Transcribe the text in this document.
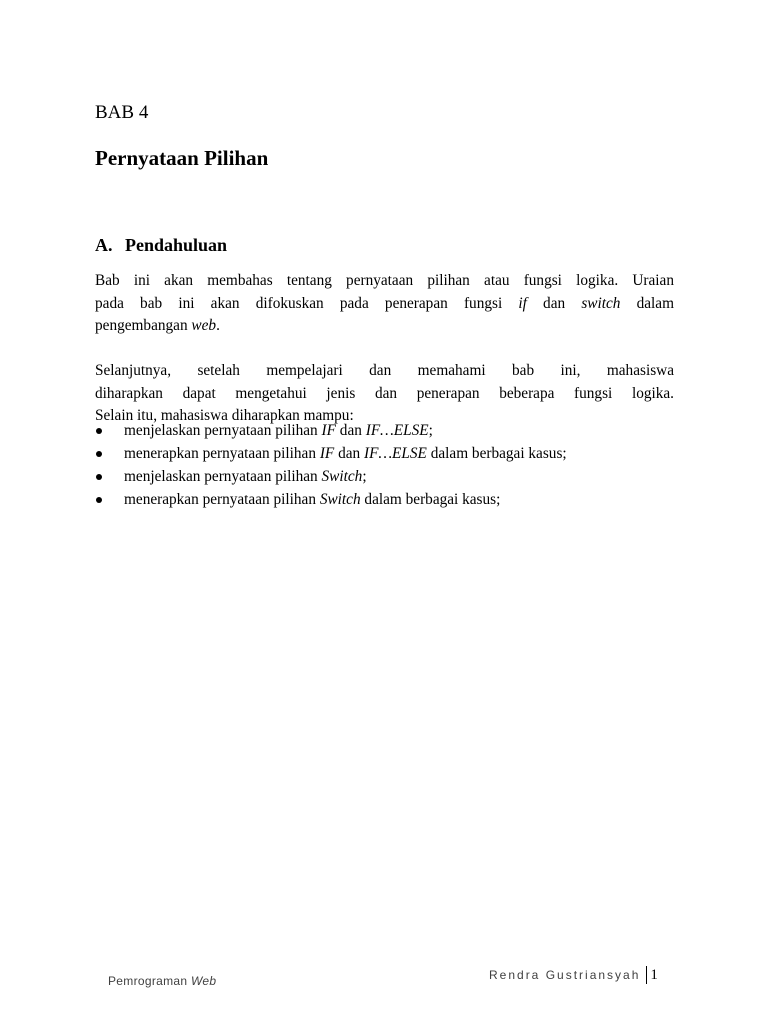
BAB 4
Pernyataan Pilihan
A. Pendahuluan
Bab ini akan membahas tentang pernyataan pilihan atau fungsi logika. Uraian
pada bab ini akan difokuskan pada penerapan fungsi if dan switch dalam
pengembangan web.
Selanjutnya, setelah mempelajari dan memahami bab ini, mahasiswa
diharapkan dapat mengetahui jenis dan penerapan beberapa fungsi logika.
Selain itu, mahasiswa diharapkan mampu:
menjelaskan pernyataan pilihan IF dan IF…ELSE;
menerapkan pernyataan pilihan IF dan IF…ELSE dalam berbagai kasus;
menjelaskan pernyataan pilihan Switch;
menerapkan pernyataan pilihan Switch dalam berbagai kasus;
Pemrograman Web	Rendra Gustriansyah 1
